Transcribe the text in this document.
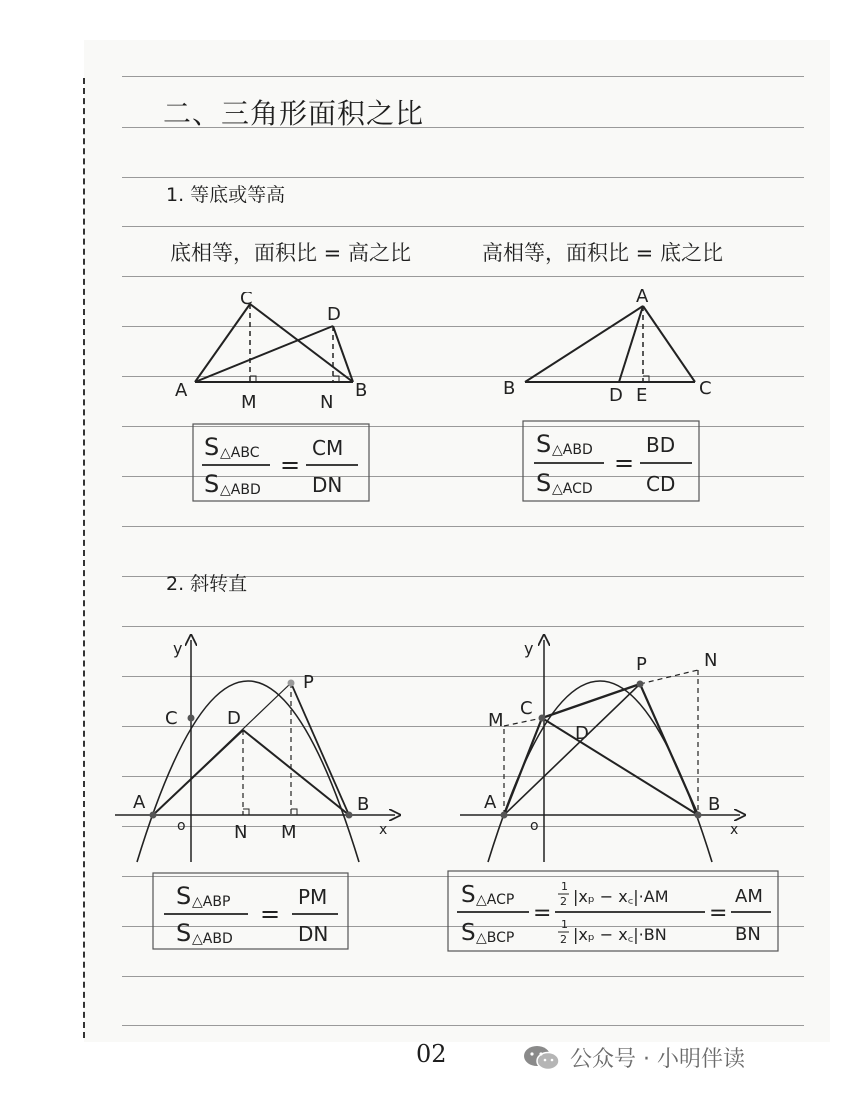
二、三角形面积之比
1. 等底或等高
底相等，面积比 = 高之比	高相等，面积比 = 底之比
2. 斜转直
C
D
A
M	N
B
A
B	D E	C
S △ABC
S △ABD
=
CM
DN
S △ABD
S △ACD
=
BD
CD
y
C	D
P
A
o	N M
B
x
y
P	N
M
C
D
A
o
B
x
S △ABP
S △ABD
=
PM
DN
S △ACP
S △BCP
=
1
2 |xₚ − x꜀|·AM
1
2 |xₚ − x꜀|·BN
=
AM
BN
02	公众号 · 小明伴读
